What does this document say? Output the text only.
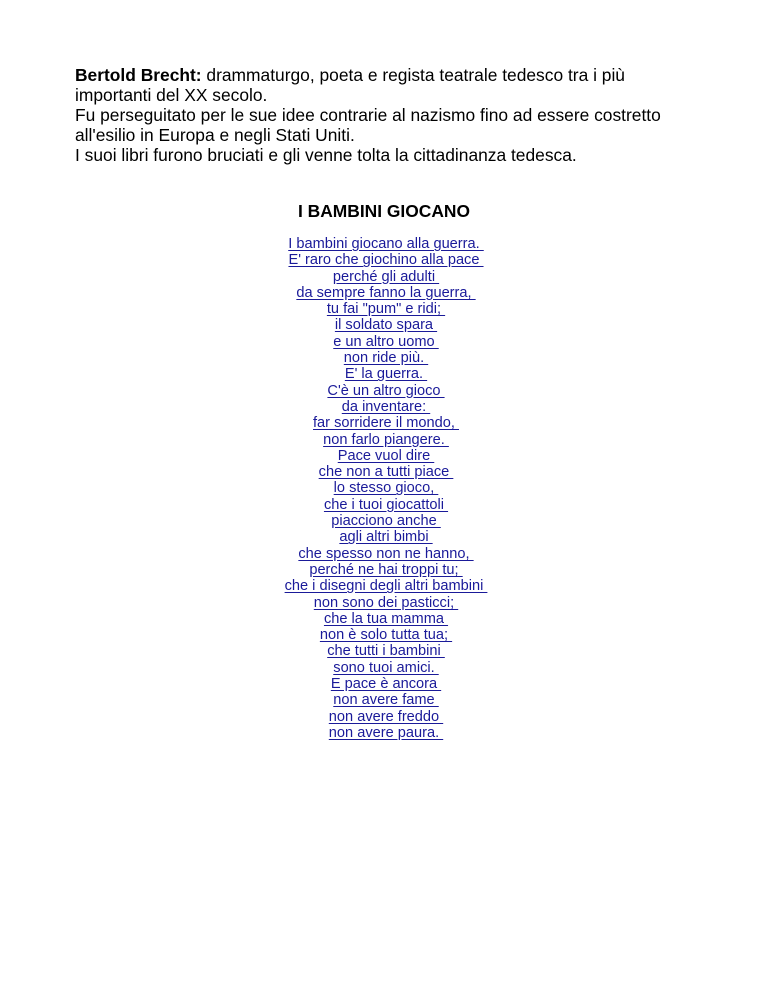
Bertold Brecht: drammaturgo, poeta e regista teatrale tedesco tra i più

importanti del XX secolo.

Fu perseguitato per le sue idee contrarie al nazismo fino ad essere costretto

all'esilio in Europa e negli Stati Uniti.

I suoi libri furono bruciati e gli venne tolta la cittadinanza tedesca.

I BAMBINI GIOCANO
I bambini giocano alla guerra.
E' raro che giochino alla pace
perché gli adulti
da sempre fanno la guerra,
tu fai "pum" e ridi;
il soldato spara
e un altro uomo
non ride più.
E' la guerra.
C'è un altro gioco
da inventare:
far sorridere il mondo,
non farlo piangere.
Pace vuol dire
che non a tutti piace
lo stesso gioco,
che i tuoi giocattoli
piacciono anche
agli altri bimbi
che spesso non ne hanno,
perché ne hai troppi tu;
che i disegni degli altri bambini
non sono dei pasticci;
che la tua mamma
non è solo tutta tua;
che tutti i bambini
sono tuoi amici.
E pace è ancora
non avere fame
non avere freddo
non avere paura.
